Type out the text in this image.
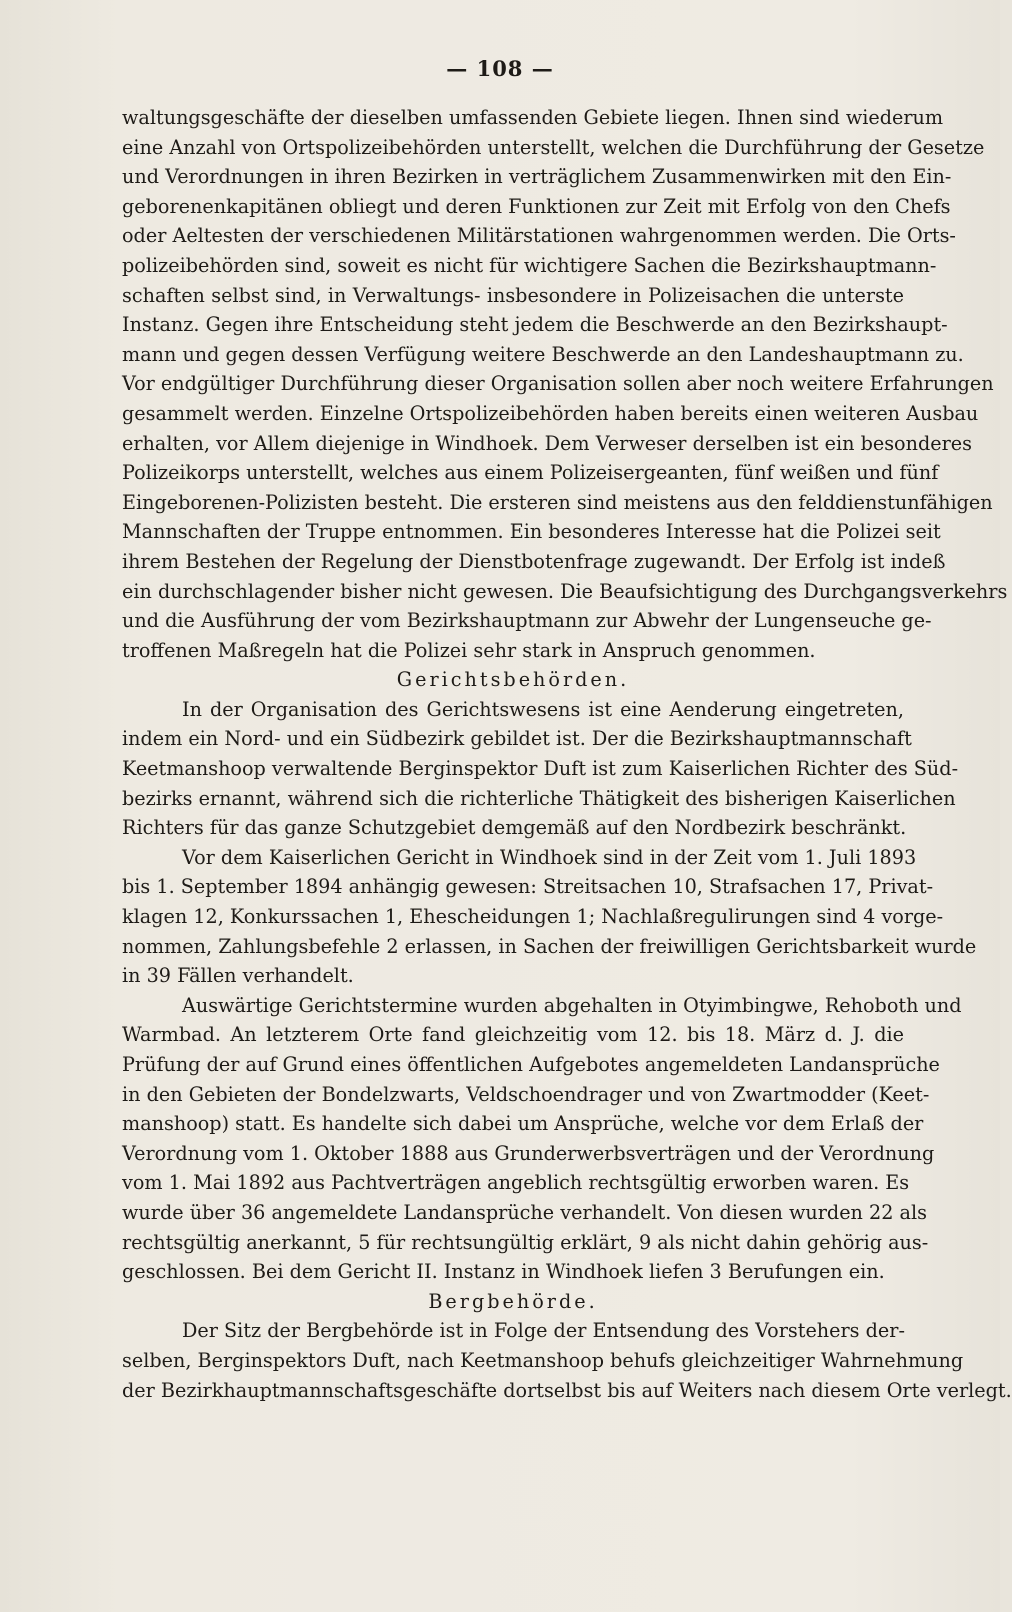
— 108 —
waltungsgeschäfte der dieselben umfassenden Gebiete liegen. Ihnen sind wiederum
eine Anzahl von Ortspolizeibehörden unterstellt, welchen die Durchführung der Gesetze
und Verordnungen in ihren Bezirken in verträglichem Zusammenwirken mit den Ein-
geborenenkapitänen obliegt und deren Funktionen zur Zeit mit Erfolg von den Chefs
oder Aeltesten der verschiedenen Militärstationen wahrgenommen werden. Die Orts-
polizeibehörden sind, soweit es nicht für wichtigere Sachen die Bezirkshauptmann-
schaften selbst sind, in Verwaltungs- insbesondere in Polizeisachen die unterste
Instanz. Gegen ihre Entscheidung steht jedem die Beschwerde an den Bezirkshaupt-
mann und gegen dessen Verfügung weitere Beschwerde an den Landeshauptmann zu.
Vor endgültiger Durchführung dieser Organisation sollen aber noch weitere Erfahrungen
gesammelt werden. Einzelne Ortspolizeibehörden haben bereits einen weiteren Ausbau
erhalten, vor Allem diejenige in Windhoek. Dem Verweser derselben ist ein besonderes
Polizeikorps unterstellt, welches aus einem Polizeisergeanten, fünf weißen und fünf
Eingeborenen-Polizisten besteht. Die ersteren sind meistens aus den felddienstunfähigen
Mannschaften der Truppe entnommen. Ein besonderes Interesse hat die Polizei seit
ihrem Bestehen der Regelung der Dienstbotenfrage zugewandt. Der Erfolg ist indeß
ein durchschlagender bisher nicht gewesen. Die Beaufsichtigung des Durchgangsverkehrs
und die Ausführung der vom Bezirkshauptmann zur Abwehr der Lungenseuche ge-
troffenen Maßregeln hat die Polizei sehr stark in Anspruch genommen.
Gerichtsbehörden.
In der Organisation des Gerichtswesens ist eine Aenderung eingetreten,
indem ein Nord- und ein Südbezirk gebildet ist. Der die Bezirkshauptmannschaft
Keetmanshoop verwaltende Berginspektor Duft ist zum Kaiserlichen Richter des Süd-
bezirks ernannt, während sich die richterliche Thätigkeit des bisherigen Kaiserlichen
Richters für das ganze Schutzgebiet demgemäß auf den Nordbezirk beschränkt.
Vor dem Kaiserlichen Gericht in Windhoek sind in der Zeit vom 1. Juli 1893
bis 1. September 1894 anhängig gewesen: Streitsachen 10, Strafsachen 17, Privat-
klagen 12, Konkurssachen 1, Ehescheidungen 1; Nachlaßregulirungen sind 4 vorge-
nommen, Zahlungsbefehle 2 erlassen, in Sachen der freiwilligen Gerichtsbarkeit wurde
in 39 Fällen verhandelt.
Auswärtige Gerichtstermine wurden abgehalten in Otyimbingwe, Rehoboth und
Warmbad. An letzterem Orte fand gleichzeitig vom 12. bis 18. März d. J. die
Prüfung der auf Grund eines öffentlichen Aufgebotes angemeldeten Landansprüche
in den Gebieten der Bondelzwarts, Veldschoendrager und von Zwartmodder (Keet-
manshoop) statt. Es handelte sich dabei um Ansprüche, welche vor dem Erlaß der
Verordnung vom 1. Oktober 1888 aus Grunderwerbsverträgen und der Verordnung
vom 1. Mai 1892 aus Pachtverträgen angeblich rechtsgültig erworben waren. Es
wurde über 36 angemeldete Landansprüche verhandelt. Von diesen wurden 22 als
rechtsgültig anerkannt, 5 für rechtsungültig erklärt, 9 als nicht dahin gehörig aus-
geschlossen. Bei dem Gericht II. Instanz in Windhoek liefen 3 Berufungen ein.
Bergbehörde.
Der Sitz der Bergbehörde ist in Folge der Entsendung des Vorstehers der-
selben, Berginspektors Duft, nach Keetmanshoop behufs gleichzeitiger Wahrnehmung
der Bezirkhauptmannschaftsgeschäfte dortselbst bis auf Weiters nach diesem Orte verlegt.
